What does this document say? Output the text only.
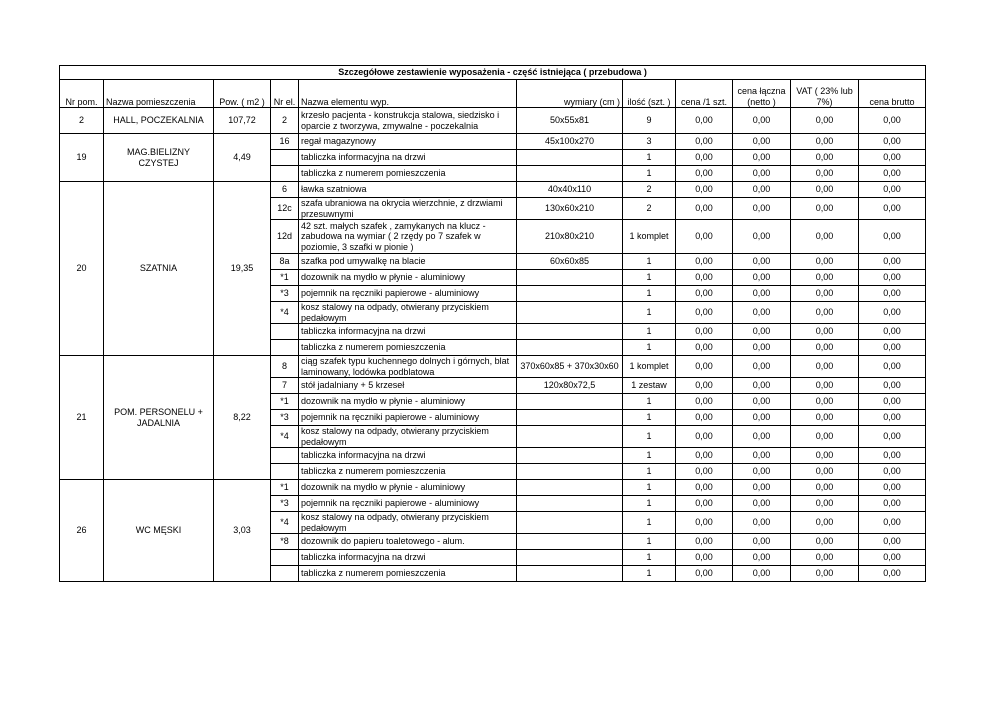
Szczegółowe zestawienie wyposażenia - część istniejąca ( przebudowa )										
Nr pom.	Nazwa pomieszczenia	Pow. ( m2 )	Nr el.	Nazwa elementu wyp.	wymiary (cm )	ilość (szt. )	cena /1 szt.	cena łączna (netto )	VAT ( 23% lub 7%)	cena brutto
2	HALL, POCZEKALNIA	107,72	2	krzesło pacjenta - konstrukcja stalowa, siedzisko i oparcie z tworzywa, zmywalne - poczekalnia	50x55x81	9	0,00	0,00	0,00	0,00
19	MAG.BIELIZNY CZYSTEJ	4,49	16	regał magazynowy	45x100x270	3	0,00	0,00	0,00	0,00
				tabliczka informacyjna na drzwi		1	0,00	0,00	0,00	0,00
				tabliczka z numerem pomieszczenia		1	0,00	0,00	0,00	0,00
20	SZATNIA	19,35	6	ławka szatniowa	40x40x110	2	0,00	0,00	0,00	0,00
			12c	szafa ubraniowa na okrycia wierzchnie, z drzwiami przesuwnymi	130x60x210	2	0,00	0,00	0,00	0,00
			12d	42 szt. małych szafek , zamykanych na klucz - zabudowa na wymiar ( 2 rzędy po 7 szafek w poziomie, 3 szafki w pionie )	210x80x210	1 komplet	0,00	0,00	0,00	0,00
			8a	szafka pod umywalkę na blacie	60x60x85	1	0,00	0,00	0,00	0,00
			*1	dozownik na mydło w płynie - aluminiowy		1	0,00	0,00	0,00	0,00
			*3	pojemnik na ręczniki papierowe - aluminiowy		1	0,00	0,00	0,00	0,00
			*4	kosz stalowy na odpady, otwierany przyciskiem pedałowym		1	0,00	0,00	0,00	0,00
				tabliczka informacyjna na drzwi		1	0,00	0,00	0,00	0,00
				tabliczka z numerem pomieszczenia		1	0,00	0,00	0,00	0,00
21	POM. PERSONELU + JADALNIA	8,22	8	ciąg szafek typu kuchennego dolnych i górnych, blat laminowany, lodówka podblatowa	370x60x85 + 370x30x60	1 komplet	0,00	0,00	0,00	0,00
			7	stół jadalniany + 5 krzeseł	120x80x72,5	1 zestaw	0,00	0,00	0,00	0,00
			*1	dozownik na mydło w płynie - aluminiowy		1	0,00	0,00	0,00	0,00
			*3	pojemnik na ręczniki papierowe - aluminiowy		1	0,00	0,00	0,00	0,00
			*4	kosz stalowy na odpady, otwierany przyciskiem pedałowym		1	0,00	0,00	0,00	0,00
				tabliczka informacyjna na drzwi		1	0,00	0,00	0,00	0,00
				tabliczka z numerem pomieszczenia		1	0,00	0,00	0,00	0,00
26	WC MĘSKI	3,03	*1	dozownik na mydło w płynie - aluminiowy		1	0,00	0,00	0,00	0,00
			*3	pojemnik na ręczniki papierowe - aluminiowy		1	0,00	0,00	0,00	0,00
			*4	kosz stalowy na odpady, otwierany przyciskiem pedałowym		1	0,00	0,00	0,00	0,00
			*8	dozownik do papieru toaletowego - alum.		1	0,00	0,00	0,00	0,00
				tabliczka informacyjna na drzwi		1	0,00	0,00	0,00	0,00
				tabliczka z numerem pomieszczenia		1	0,00	0,00	0,00	0,00
